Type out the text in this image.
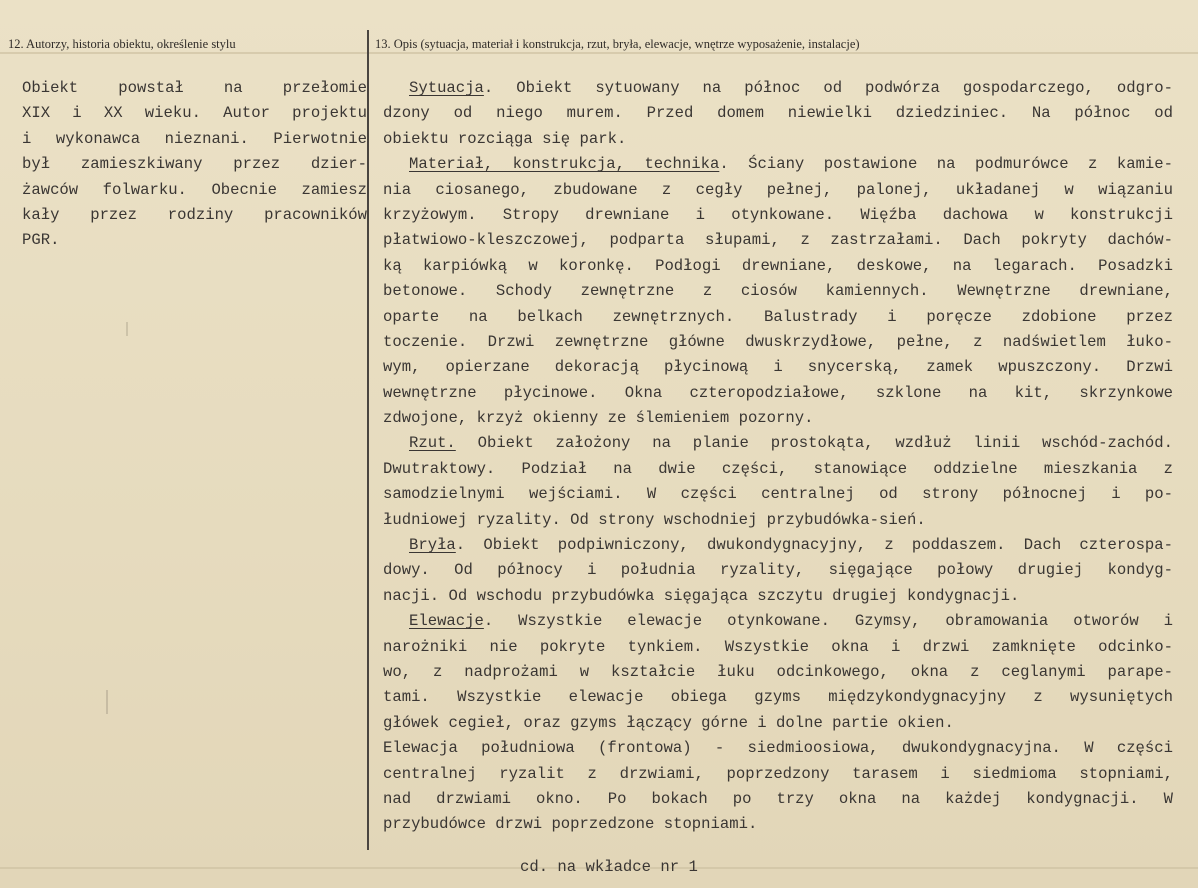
12. Autorzy, historia obiektu, określenie stylu	13. Opis (sytuacja, materiał i konstrukcja, rzut, bryła, elewacje, wnętrze wyposażenie, instalacje)
Obiekt powstał na przełomie
XIX i XX wieku. Autor projektu
i wykonawca nieznani. Pierwotnie
był zamieszkiwany przez dzier-
żawców folwarku. Obecnie zamiesz
kały przez rodziny pracowników
PGR.
Sytuacja. Obiekt sytuowany na północ od podwórza gospodarczego, odgro-
dzony od niego murem. Przed domem niewielki dziedziniec. Na północ od
obiektu rozciąga się park.
Materiał, konstrukcja, technika. Ściany postawione na podmurówce z kamie-
nia ciosanego, zbudowane z cegły pełnej, palonej, układanej w wiązaniu
krzyżowym. Stropy drewniane i otynkowane. Więźba dachowa w konstrukcji
płatwiowo-kleszczowej, podparta słupami, z zastrzałami. Dach pokryty dachów-
ką karpiówką w koronkę. Podłogi drewniane, deskowe, na legarach. Posadzki
betonowe. Schody zewnętrzne z ciosów kamiennych. Wewnętrzne drewniane,
oparte na belkach zewnętrznych. Balustrady i poręcze zdobione przez
toczenie. Drzwi zewnętrzne główne dwuskrzydłowe, pełne, z nadświetlem łuko-
wym, opierzane dekoracją płycinową i snycerską, zamek wpuszczony. Drzwi
wewnętrzne płycinowe. Okna czteropodziałowe, szklone na kit, skrzynkowe
zdwojone, krzyż okienny ze ślemieniem pozorny.
Rzut. Obiekt założony na planie prostokąta, wzdłuż linii wschód-zachód.
Dwutraktowy. Podział na dwie części, stanowiące oddzielne mieszkania z
samodzielnymi wejściami. W części centralnej od strony północnej i po-
łudniowej ryzality. Od strony wschodniej przybudówka-sień.
Bryła. Obiekt podpiwniczony, dwukondygnacyjny, z poddaszem. Dach czterospa-
dowy. Od północy i południa ryzality, sięgające połowy drugiej kondyg-
nacji. Od wschodu przybudówka sięgająca szczytu drugiej kondygnacji.
Elewacje. Wszystkie elewacje otynkowane. Gzymsy, obramowania otworów i
narożniki nie pokryte tynkiem. Wszystkie okna i drzwi zamknięte odcinko-
wo, z nadprożami w kształcie łuku odcinkowego, okna z ceglanymi parape-
tami. Wszystkie elewacje obiega gzyms międzykondygnacyjny z wysuniętych
główek cegieł, oraz gzyms łączący górne i dolne partie okien.
Elewacja południowa (frontowa) - siedmioosiowa, dwukondygnacyjna. W części
centralnej ryzalit z drzwiami, poprzedzony tarasem i siedmioma stopniami,
nad drzwiami okno. Po bokach po trzy okna na każdej kondygnacji. W
przybudówce drzwi poprzedzone stopniami.
cd. na wkładce nr 1
